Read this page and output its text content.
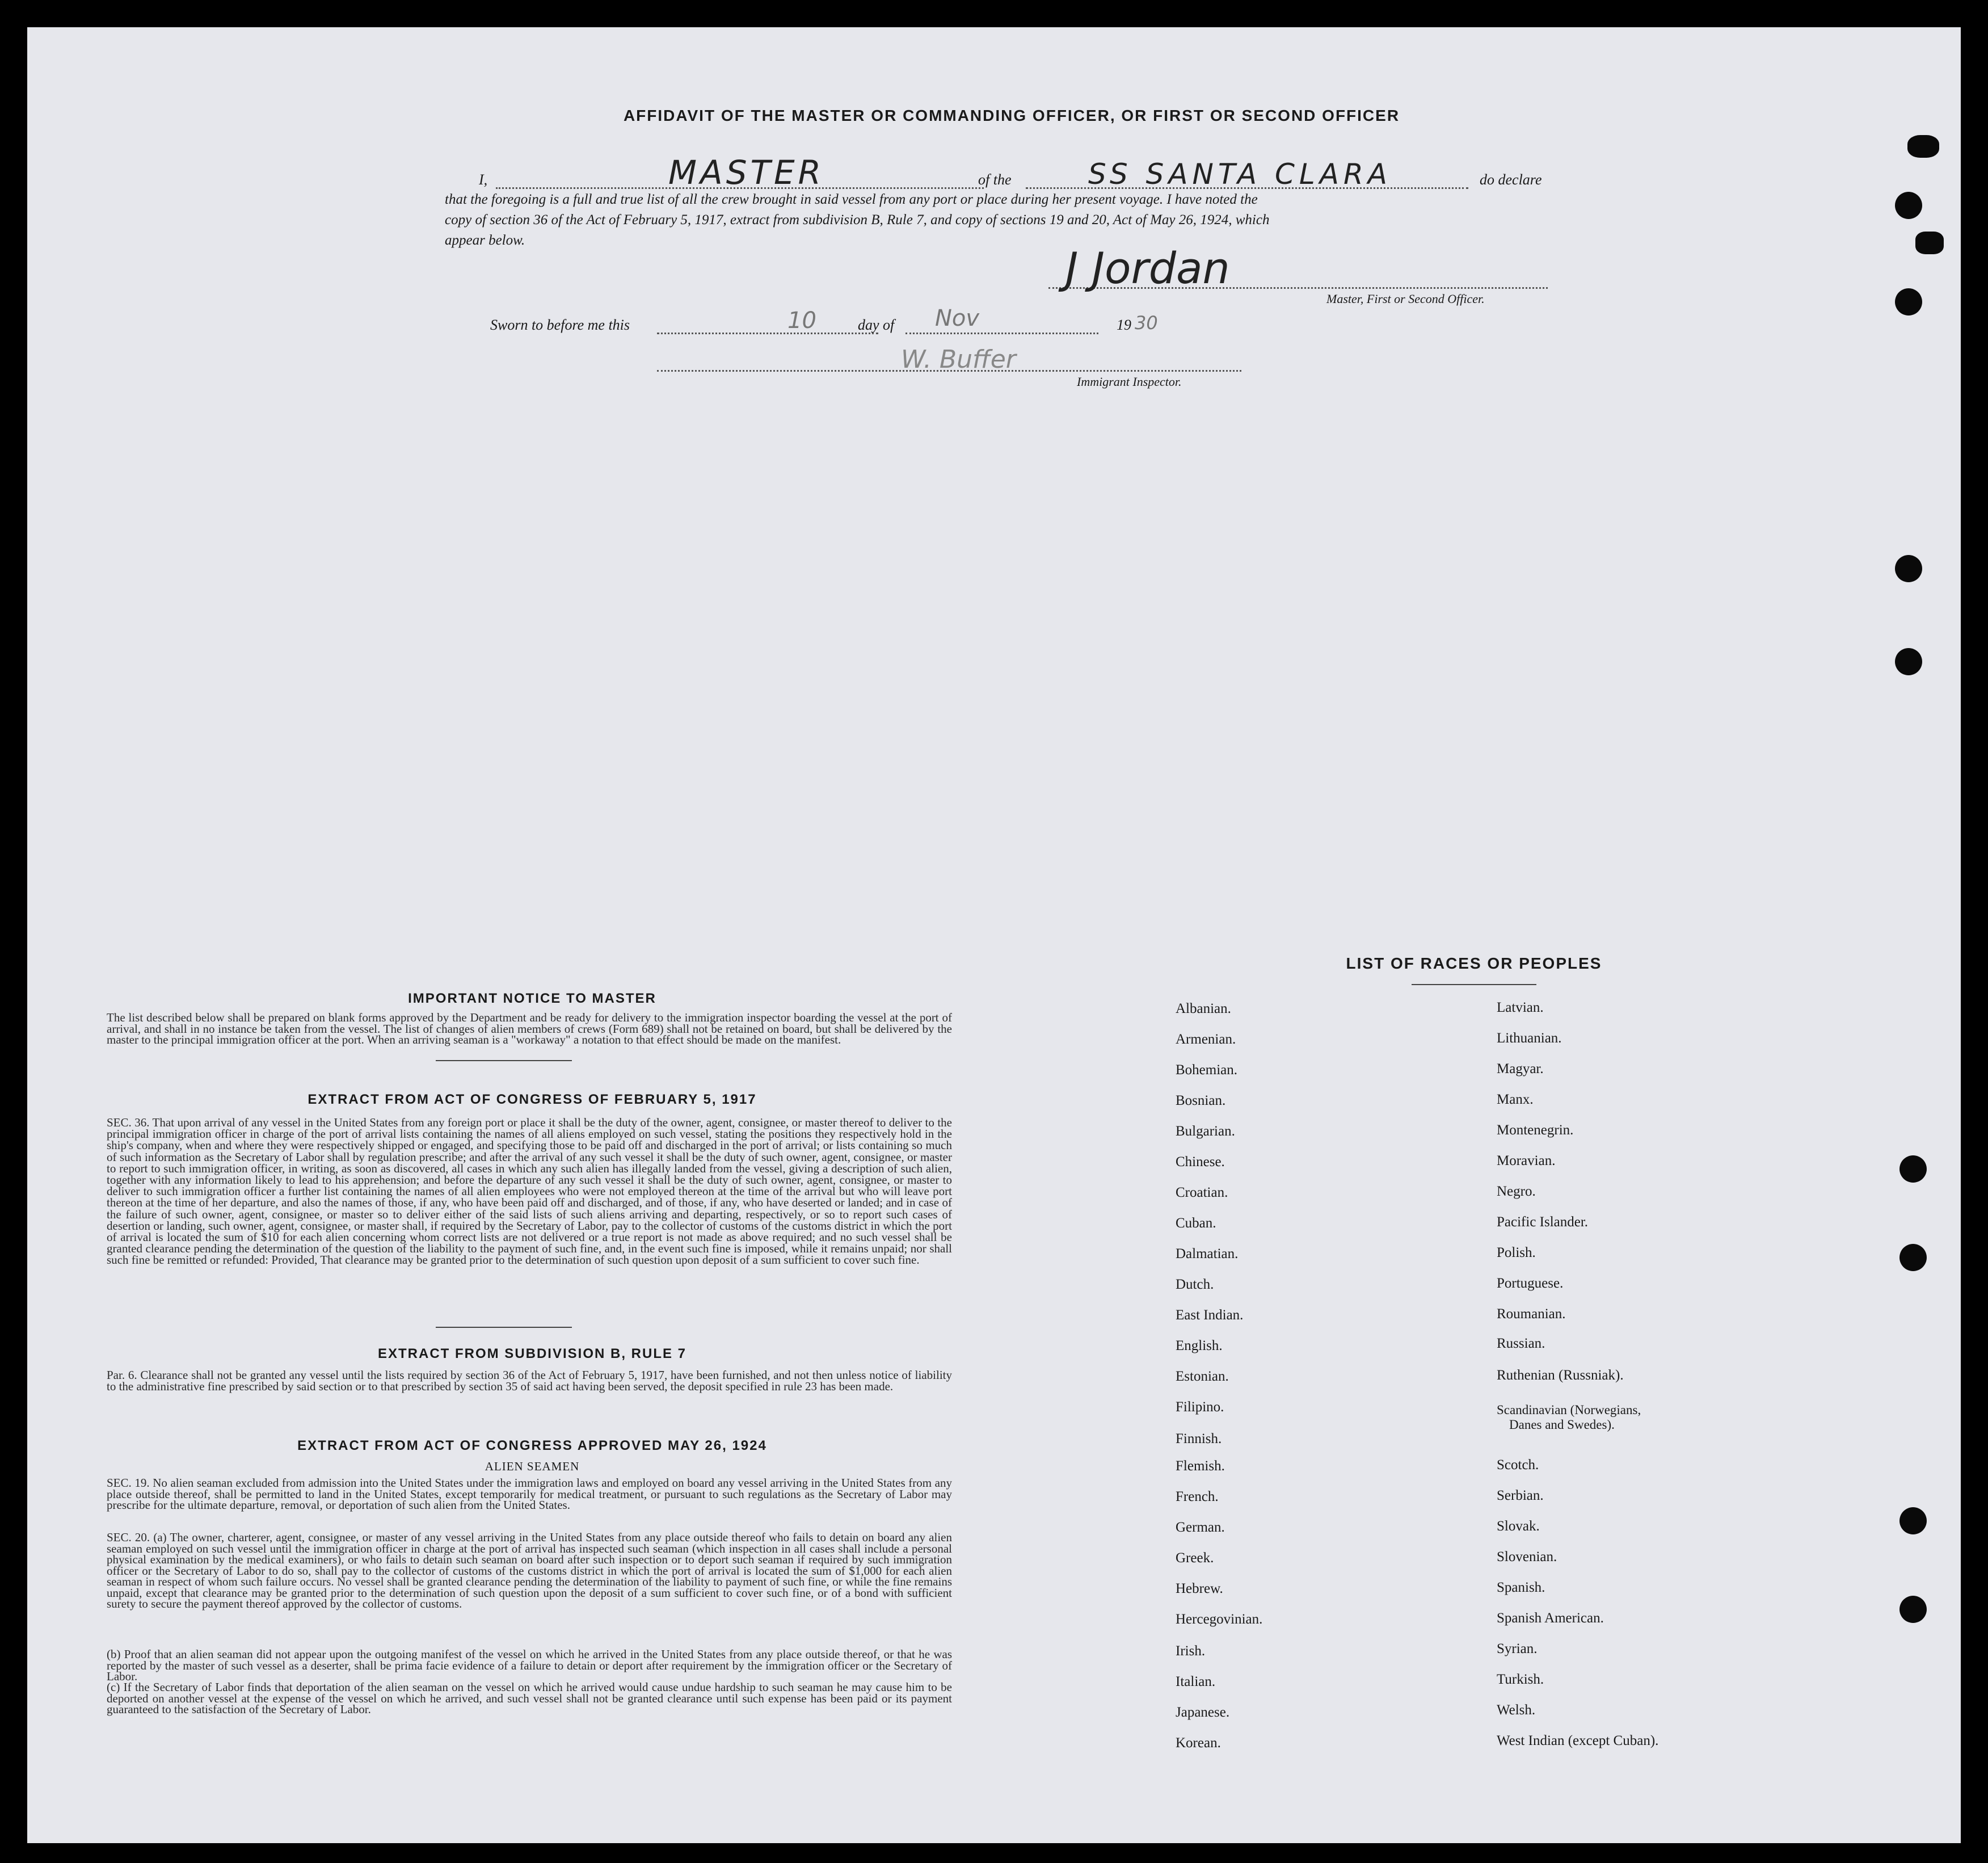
AFFIDAVIT OF THE MASTER OR COMMANDING OFFICER, OR FIRST OR SECOND OFFICER
I,	MASTER	of the	SS SANTA CLARA	do declare
that the foregoing is a full and true list of all the crew brought in said vessel from any port or place during her present voyage. I have noted the
copy of section 36 of the Act of February 5, 1917, extract from subdivision B, Rule 7, and copy of sections 19 and 20, Act of May 26, 1924, which
appear below.
J Jordan
Master, First or Second Officer.
Sworn to before me this	10	day of Nov	19 30
W. Buffer
Immigrant Inspector.
IMPORTANT NOTICE TO MASTER
The list described below shall be prepared on blank forms approved by the Department and be ready for delivery to the immigration inspector boarding the vessel at the port of arrival, and shall in no instance be taken from the vessel. The list of changes of alien members of crews (Form 689) shall not be retained on board, but shall be delivered by the master to the principal immigration officer at the port. When an arriving seaman is a "workaway" a notation to that effect should be made on the manifest.
EXTRACT FROM ACT OF CONGRESS OF FEBRUARY 5, 1917
SEC. 36. That upon arrival of any vessel in the United States from any foreign port or place it shall be the duty of the owner, agent, consignee, or master thereof to deliver to the principal immigration officer in charge of the port of arrival lists containing the names of all aliens employed on such vessel, stating the positions they respectively hold in the ship's company, when and where they were respectively shipped or engaged, and specifying those to be paid off and discharged in the port of arrival; or lists containing so much of such information as the Secretary of Labor shall by regulation prescribe; and after the arrival of any such vessel it shall be the duty of such owner, agent, consignee, or master to report to such immigration officer, in writing, as soon as discovered, all cases in which any such alien has illegally landed from the vessel, giving a description of such alien, together with any information likely to lead to his apprehension; and before the departure of any such vessel it shall be the duty of such owner, agent, consignee, or master to deliver to such immigration officer a further list containing the names of all alien employees who were not employed thereon at the time of the arrival but who will leave port thereon at the time of her departure, and also the names of those, if any, who have been paid off and discharged, and of those, if any, who have deserted or landed; and in case of the failure of such owner, agent, consignee, or master so to deliver either of the said lists of such aliens arriving and departing, respectively, or so to report such cases of desertion or landing, such owner, agent, consignee, or master shall, if required by the Secretary of Labor, pay to the collector of customs of the customs district in which the port of arrival is located the sum of $10 for each alien concerning whom correct lists are not delivered or a true report is not made as above required; and no such vessel shall be granted clearance pending the determination of the question of the liability to the payment of such fine, and, in the event such fine is imposed, while it remains unpaid; nor shall such fine be remitted or refunded: Provided, That clearance may be granted prior to the determination of such question upon deposit of a sum sufficient to cover such fine.
EXTRACT FROM SUBDIVISION B, RULE 7
Par. 6. Clearance shall not be granted any vessel until the lists required by section 36 of the Act of February 5, 1917, have been furnished, and not then unless notice of liability to the administrative fine prescribed by said section or to that prescribed by section 35 of said act having been served, the deposit specified in rule 23 has been made.
EXTRACT FROM ACT OF CONGRESS APPROVED MAY 26, 1924
ALIEN SEAMEN
SEC. 19. No alien seaman excluded from admission into the United States under the immigration laws and employed on board any vessel arriving in the United States from any place outside thereof, shall be permitted to land in the United States, except temporarily for medical treatment, or pursuant to such regulations as the Secretary of Labor may prescribe for the ultimate departure, removal, or deportation of such alien from the United States.
SEC. 20. (a) The owner, charterer, agent, consignee, or master of any vessel arriving in the United States from any place outside thereof who fails to detain on board any alien seaman employed on such vessel until the immigration officer in charge at the port of arrival has inspected such seaman (which inspection in all cases shall include a personal physical examination by the medical examiners), or who fails to detain such seaman on board after such inspection or to deport such seaman if required by such immigration officer or the Secretary of Labor to do so, shall pay to the collector of customs of the customs district in which the port of arrival is located the sum of $1,000 for each alien seaman in respect of whom such failure occurs. No vessel shall be granted clearance pending the determination of the liability to payment of such fine, or while the fine remains unpaid, except that clearance may be granted prior to the determination of such question upon the deposit of a sum sufficient to cover such fine, or of a bond with sufficient surety to secure the payment thereof approved by the collector of customs.
(b) Proof that an alien seaman did not appear upon the outgoing manifest of the vessel on which he arrived in the United States from any place outside thereof, or that he was reported by the master of such vessel as a deserter, shall be prima facie evidence of a failure to detain or deport after requirement by the immigration officer or the Secretary of Labor.
(c) If the Secretary of Labor finds that deportation of the alien seaman on the vessel on which he arrived would cause undue hardship to such seaman he may cause him to be deported on another vessel at the expense of the vessel on which he arrived, and such vessel shall not be granted clearance until such expense has been paid or its payment guaranteed to the satisfaction of the Secretary of Labor.
LIST OF RACES OR PEOPLES
Albanian.
Armenian.
Bohemian.
Bosnian.
Bulgarian.
Chinese.
Croatian.
Cuban.
Dalmatian.
Dutch.
East Indian.
English.
Estonian.
Filipino.
Finnish.
Flemish.
French.
German.
Greek.
Hebrew.
Hercegovinian.
Irish.
Italian.
Japanese.
Korean.
Latvian.
Lithuanian.
Magyar.
Manx.
Montenegrin.
Moravian.
Negro.
Pacific Islander.
Polish.
Portuguese.
Roumanian.
Russian.
Ruthenian (Russniak).
Scandinavian (Norwegians,
Danes and Swedes).
Scotch.
Serbian.
Slovak.
Slovenian.
Spanish.
Spanish American.
Syrian.
Turkish.
Welsh.
West Indian (except Cuban).
